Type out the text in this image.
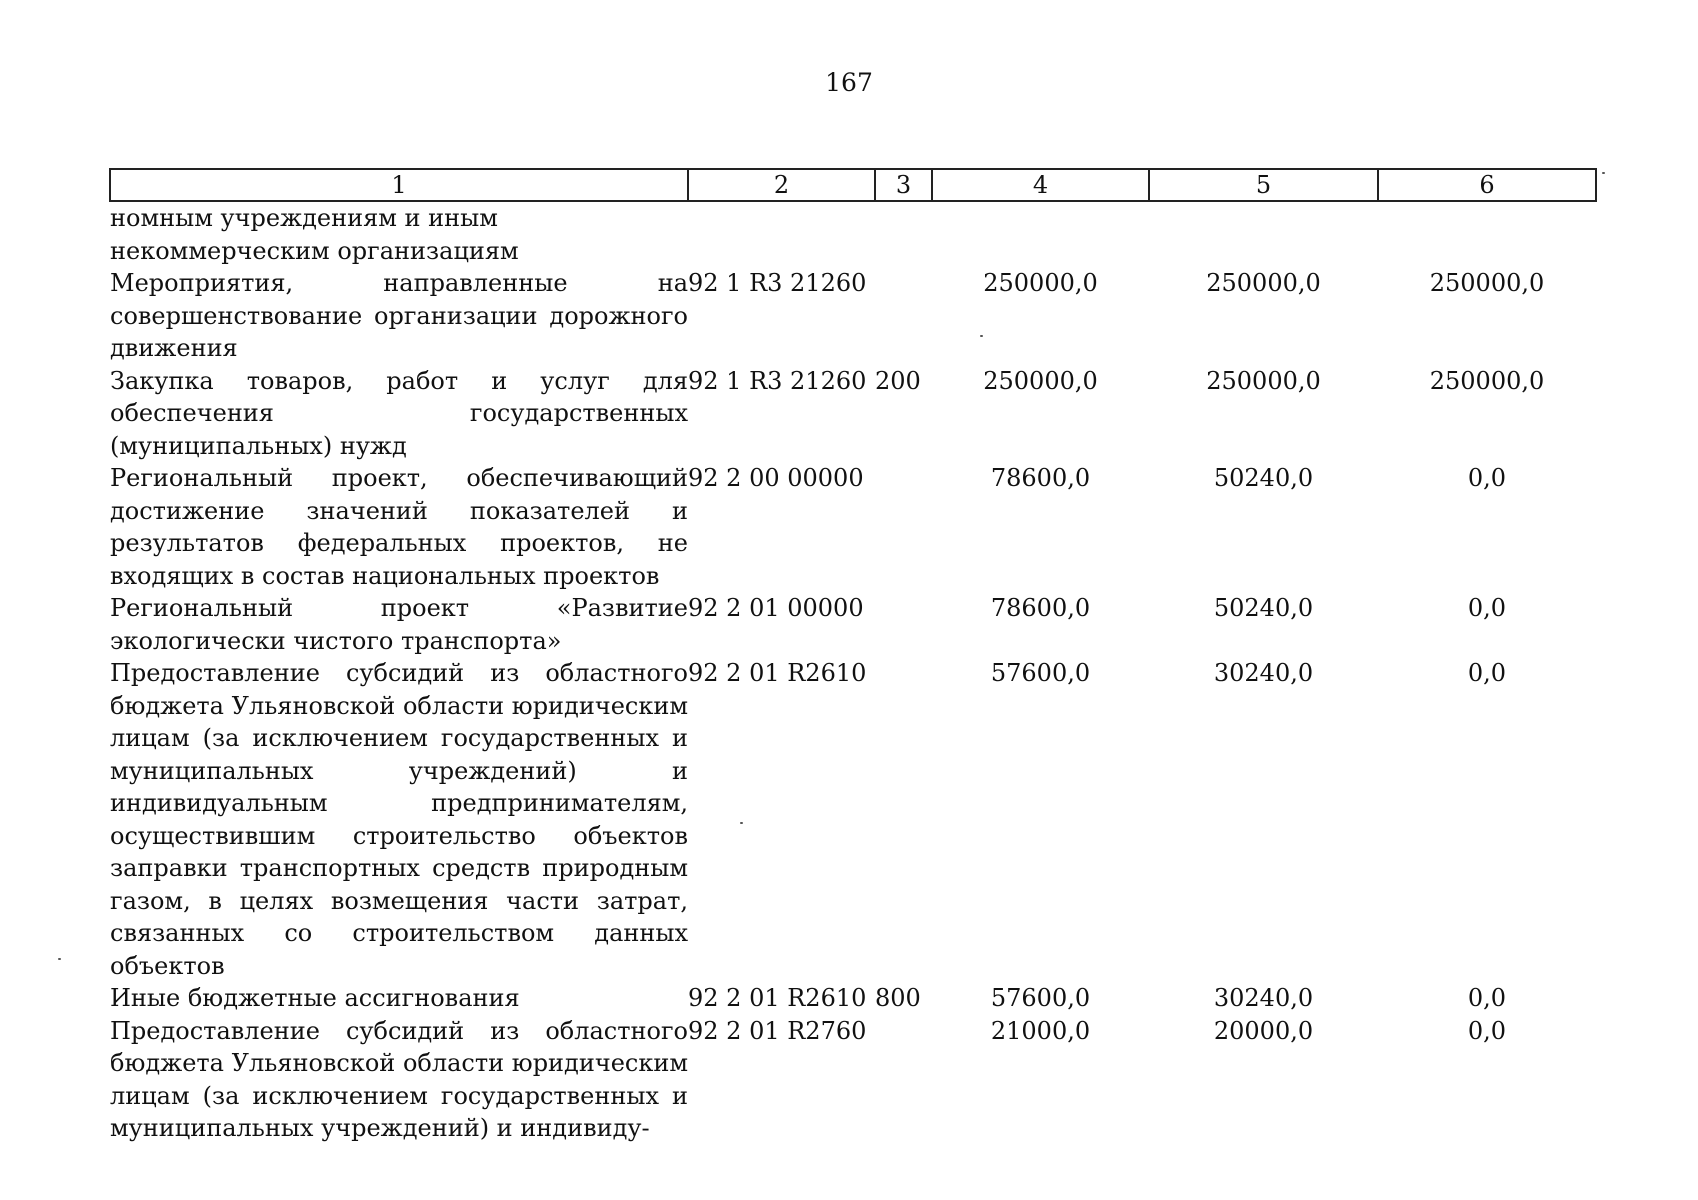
167
1	2	3	4	5	6
номным учреждениям и иным некоммерческим организациям					
Мероприятия, направленные на совершенствование организации дорожного движения	92 1 R3 21260		250000,0	250000,0	250000,0
Закупка товаров, работ и услуг для обеспечения государственных (муниципальных) нужд	92 1 R3 21260	200	250000,0	250000,0	250000,0
Региональный проект, обеспечивающий достижение значений показателей и результатов федеральных проектов, не входящих в состав национальных проектов	92 2 00 00000		78600,0	50240,0	0,0
Региональный проект «Развитие экологически чистого транспорта»	92 2 01 00000		78600,0	50240,0	0,0
Предоставление субсидий из областного бюджета Ульяновской области юридическим лицам (за исключением государственных и муниципальных учреждений) и индивидуальным предпринимателям, осуществившим строительство объектов заправки транспортных средств природным газом, в целях возмещения части затрат, связанных со строительством данных объектов	92 2 01 R2610		57600,0	30240,0	0,0
Иные бюджетные ассигнования	92 2 01 R2610	800	57600,0	30240,0	0,0
Предоставление субсидий из областного бюджета Ульяновской области юридическим лицам (за исключением государственных и муниципальных учреждений) и индивиду-	92 2 01 R2760		21000,0	20000,0	0,0
